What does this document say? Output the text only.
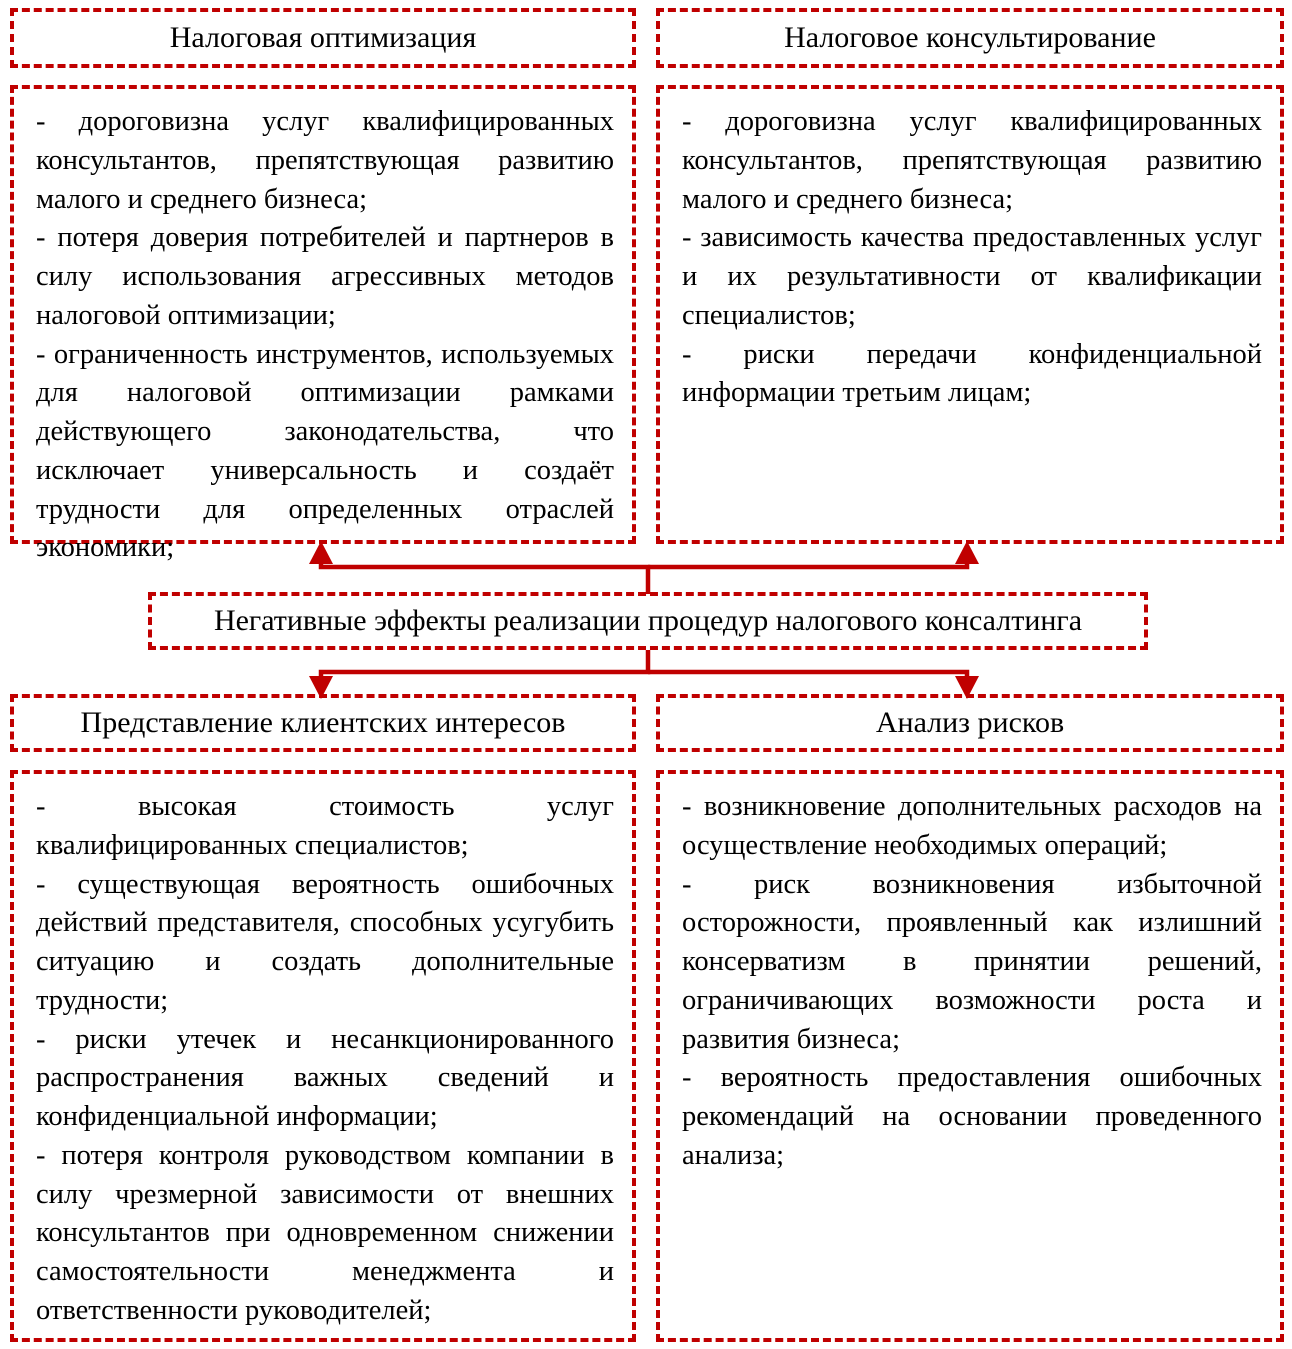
Налоговая оптимизация

- дороговизна услуг квалифицированных консультантов, препятствующая развитию малого и среднего бизнеса;

- потеря доверия потребителей и партнеров в силу использования агрессивных методов налоговой оптимизации;

- ограниченность инструментов, используемых для налоговой оптимизации рамками действующего законодательства, что исключает универсальность и создаёт трудности для определенных отраслей экономики;

Налоговое консультирование

- дороговизна услуг квалифицированных консультантов, препятствующая развитию малого и среднего бизнеса;

- зависимость качества предоставленных услуг и их результативности от квалификации специалистов;

- риски передачи конфиденциальной информации третьим лицам;

Негативные эффекты реализации процедур налогового консалтинга
Представление клиентских интересов

- высокая стоимость услуг квалифицированных специалистов;

- существующая вероятность ошибочных действий представителя, способных усугубить ситуацию и создать дополнительные трудности;

- риски утечек и несанкционированного распространения важных сведений и конфиденциальной информации;

- потеря контроля руководством компании в силу чрезмерной зависимости от внешних консультантов при одновременном снижении самостоятельности менеджмента и ответственности руководителей;

Анализ рисков

- возникновение дополнительных расходов на осуществление необходимых операций;

- риск возникновения избыточной осторожности, проявленный как излишний консерватизм в принятии решений, ограничивающих возможности роста и развития бизнеса;

- вероятность предоставления ошибочных рекомендаций на основании проведенного анализа;
